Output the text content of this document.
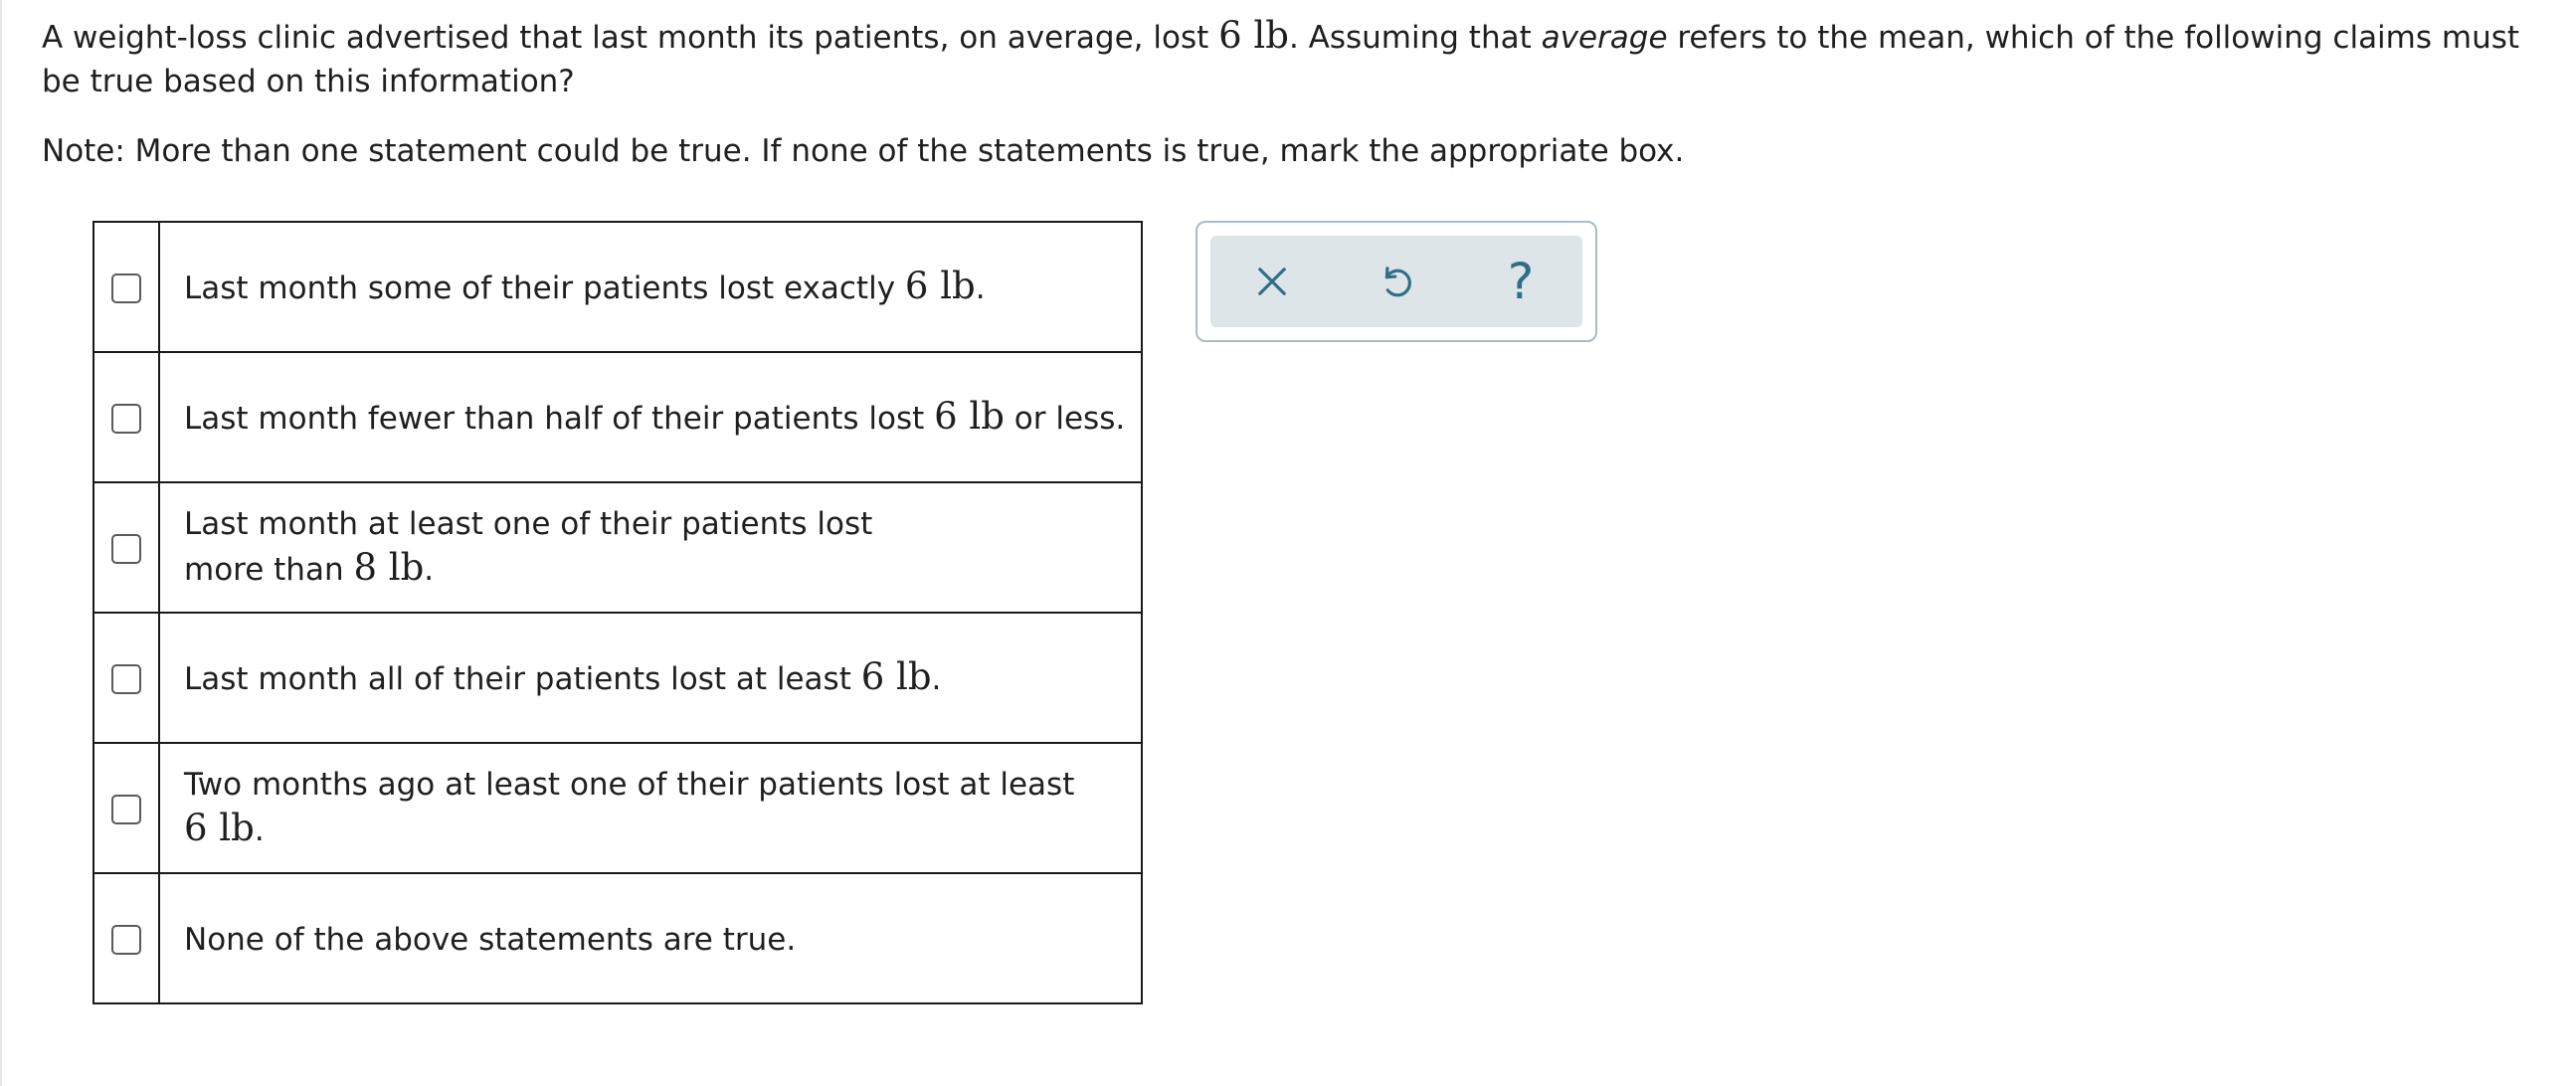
A weight-loss clinic advertised that last month its patients, on average, lost 6 lb. Assuming that average refers to the mean, which of the following claims must be true based on this information?
Note: More than one statement could be true. If none of the statements is true, mark the appropriate box.
	Last month some of their patients lost exactly 6 lb.
	Last month fewer than half of their patients lost 6 lb or less.
	Last month at least one of their patients lost more than 8 lb.
	Last month all of their patients lost at least 6 lb.
	Two months ago at least one of their patients lost at least 6 lb.
	None of the above statements are true.
?
